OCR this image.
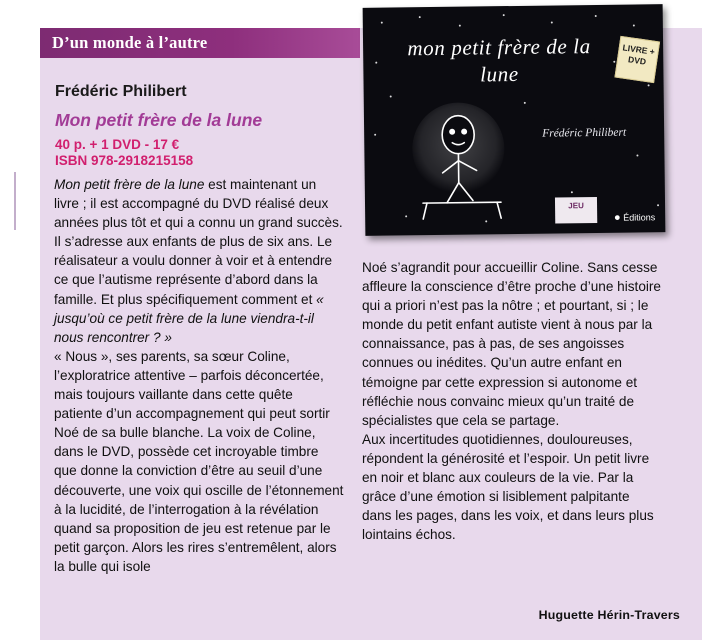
D’un monde à l’autre
Frédéric Philibert
Mon petit frère de la lune
40 p. + 1 DVD - 17 €
ISBN 978-2918215158

Mon petit frère de la lune est maintenant un livre ; il est accompagné du DVD réalisé deux années plus tôt et qui a connu un grand succès. Il s’adresse aux enfants de plus de six ans. Le réalisateur a voulu donner à voir et à entendre ce que l’autisme représente d’abord dans la famille. Et plus spécifiquement comment et « jusqu’où ce petit frère de la lune viendra-t-il nous rencontrer ? »

« Nous », ses parents, sa sœur Coline, l’exploratrice attentive – parfois déconcertée, mais toujours vaillante dans cette quête patiente d’un accompagnement qui peut sortir Noé de sa bulle blanche. La voix de Coline, dans le DVD, possède cet incroyable timbre que donne la conviction d’être au seuil d’une découverte, une voix qui oscille de l’étonnement à la lucidité, de l’interrogation à la révélation quand sa proposition de jeu est retenue par le petit garçon. Alors les rires s’entremêlent, alors la bulle qui isole

Noé s’agrandit pour accueillir Coline. Sans cesse affleure la conscience d’être proche d’une histoire qui a priori n’est pas la nôtre ; et pourtant, si ; le monde du petit enfant autiste vient à nous par la connaissance, pas à pas, de ses angoisses connues ou inédites. Qu’un autre enfant en témoigne par cette expression si autonome et réfléchie nous convainc mieux qu’un traité de spécialistes que cela se partage.

Aux incertitudes quotidiennes, douloureuses, répondent la générosité et l’espoir. Un petit livre en noir et blanc aux couleurs de la vie. Par la grâce d’une émotion si lisiblement palpitante dans les pages, dans les voix, et dans leurs plus lointains échos.

Huguette Hérin-Travers
mon petit frère de la lune
Frédéric Philibert
LIVRE + DVD
JEU
● Éditions
